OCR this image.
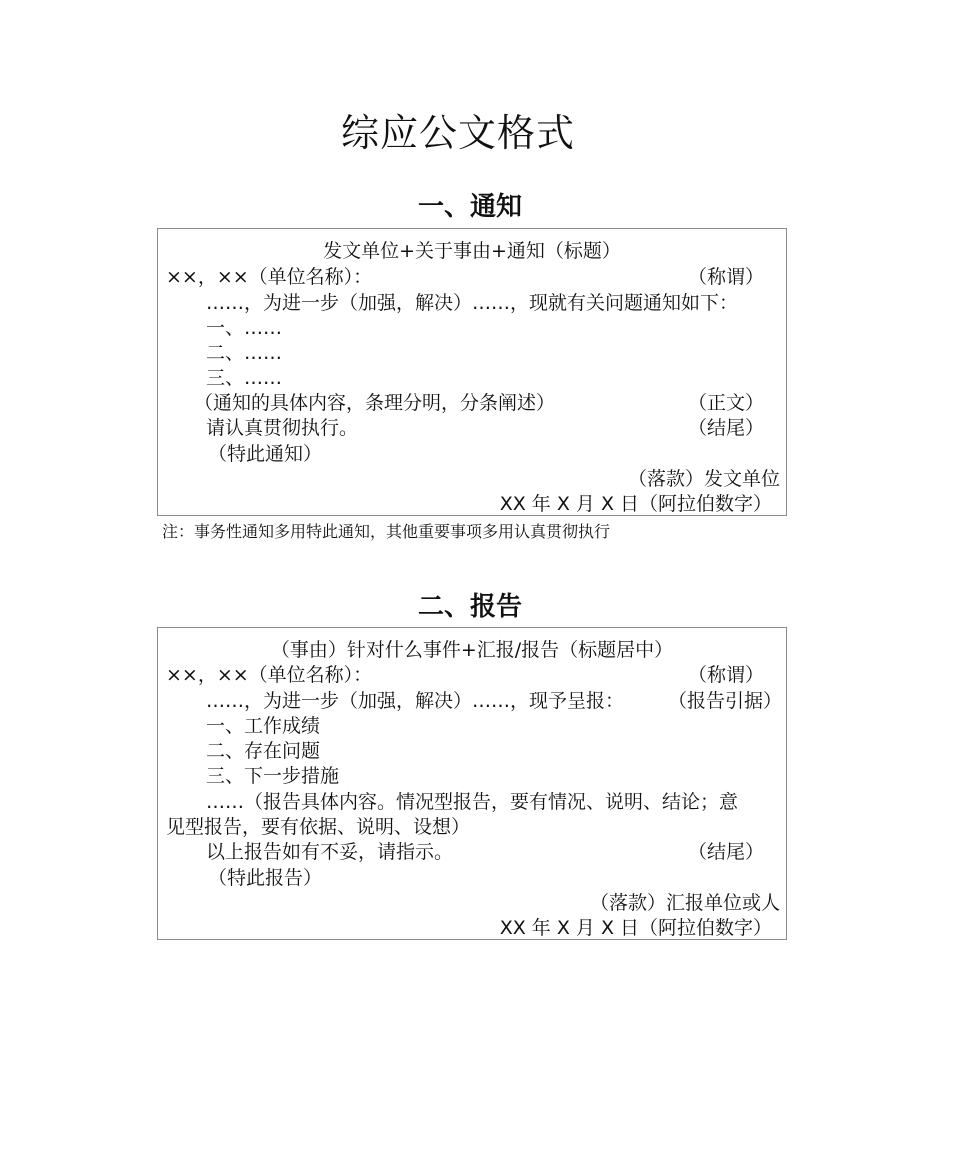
综应公文格式
一、通知
发文单位+关于事由+通知（标题）
××，××（单位名称）：	（称谓）
……，为进一步（加强，解决）……，现就有关问题通知如下：
一、……
二、……
三、……
（通知的具体内容，条理分明，分条阐述）	（正文）
请认真贯彻执行。	（结尾）
（特此通知）
（落款）发文单位
XX 年 X 月 X 日（阿拉伯数字）
注：事务性通知多用特此通知，其他重要事项多用认真贯彻执行
二、报告
（事由）针对什么事件+汇报/报告（标题居中）
××，××（单位名称）：	（称谓）
……，为进一步（加强，解决）……，现予呈报： （报告引据）
一、工作成绩
二、存在问题
三、下一步措施
……（报告具体内容。情况型报告，要有情况、说明、结论；意
见型报告，要有依据、说明、设想）
以上报告如有不妥，请指示。	（结尾）
（特此报告）
（落款）汇报单位或人
XX 年 X 月 X 日（阿拉伯数字）
